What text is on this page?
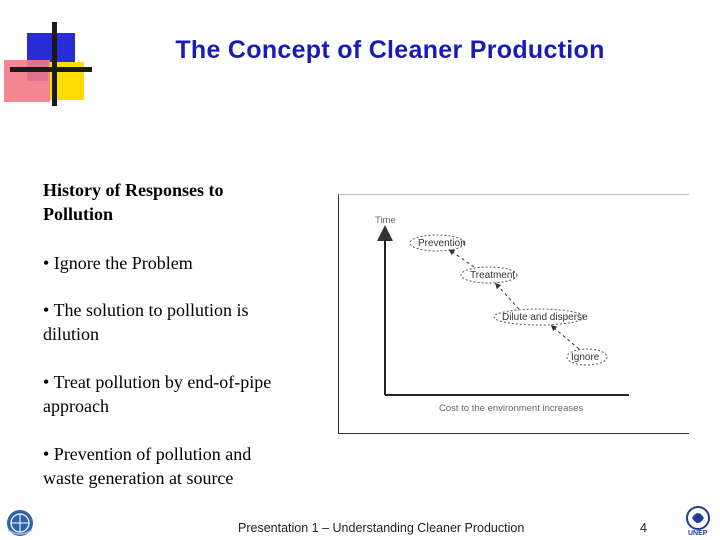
The Concept of Cleaner Production
History of Responses to Pollution
• Ignore the Problem
• The solution to pollution is dilution
• Treat pollution by end-of-pipe approach
• Prevention of pollution and waste generation at source
Time
Cost to the environment increases
Prevention
Treatment
Dilute and disperse
Ignore
Presentation 1 – Understanding Cleaner Production	4	UNEP
